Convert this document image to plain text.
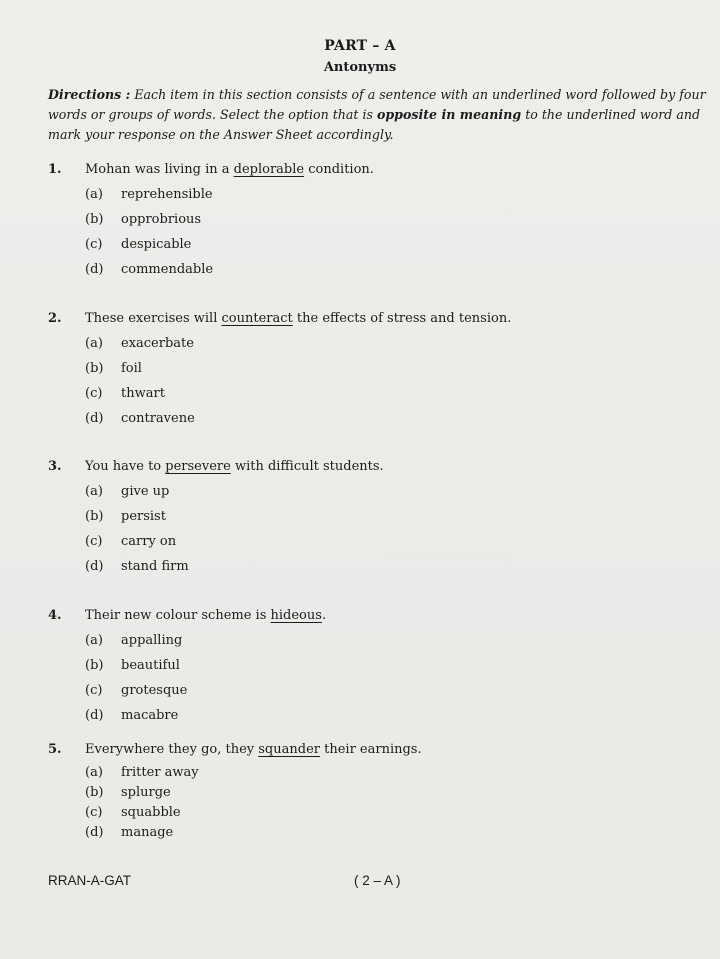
PART – A
Antonyms
Directions : Each item in this section consists of a sentence with an underlined word followed by four words or groups of words. Select the option that is opposite in meaning to the underlined word and mark your response on the Answer Sheet accordingly.
1.	Mohan was living in a deplorable condition.
(a)	reprehensible
(b)	opprobrious
(c)	despicable
(d)	commendable
2.	These exercises will counteract the effects of stress and tension.
(a)	exacerbate
(b)	foil
(c)	thwart
(d)	contravene
3.	You have to persevere with difficult students.
(a)	give up
(b)	persist
(c)	carry on
(d)	stand firm
4.	Their new colour scheme is hideous.
(a)	appalling
(b)	beautiful
(c)	grotesque
(d)	macabre
5.	Everywhere they go, they squander their earnings.
(a)	fritter away
(b)	splurge
(c)	squabble
(d)	manage
RRAN-A-GAT	( 2 – A )
